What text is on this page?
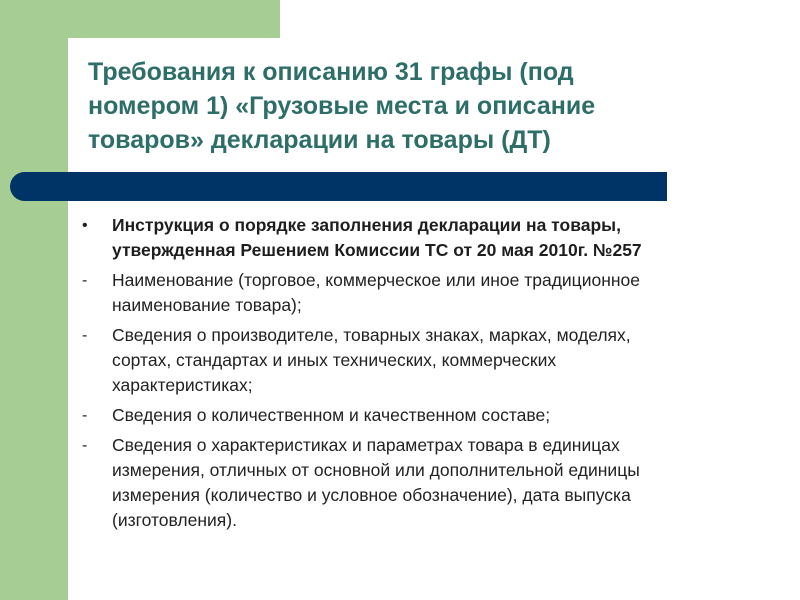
Требования к описанию 31 графы (под
номером 1) «Грузовые места и описание
товаров» декларации на товары (ДТ)
•	Инструкция о порядке заполнения декларации на товары, утвержденная Решением Комиссии ТС от 20 мая 2010г. №257
-	Наименование (торговое, коммерческое или иное традиционное наименование товара);
-	Сведения о производителе, товарных знаках, марках, моделях, сортах, стандартах и иных технических, коммерческих характеристиках;
-	Сведения о количественном и качественном составе;
-	Сведения о характеристиках и параметрах товара в единицах измерения, отличных от основной или дополнительной единицы измерения (количество и условное обозначение), дата выпуска (изготовления).
